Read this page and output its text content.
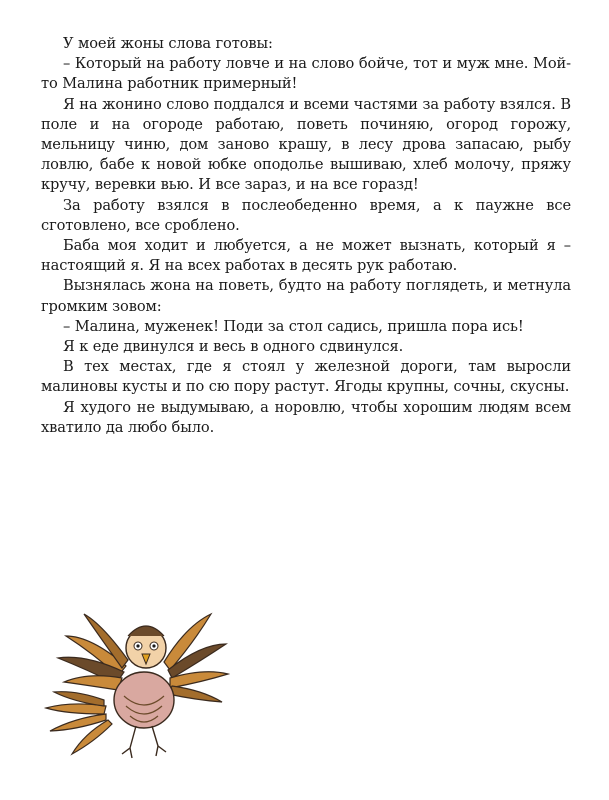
У моей жоны слова готовы:

– Который на работу ловче и на слово бойче, тот и муж мне. Мой-то Малина работник примерный!

Я на жонино слово поддался и всеми частями за работу взялся. В поле и на огороде работаю, поветь починяю, огород горожу, мельницу чиню, дом заново крашу, в лесу дрова запасаю, рыбу ловлю, бабе к новой юбке оподолье вышиваю, хлеб молочу, пряжу кручу, веревки вью. И все зараз, и на все горазд!

За работу взялся в послеобеденно время, а к паужне все сготовлено, все сроблено.

Баба моя ходит и любуется, а не может вызнать, который я – настоящий я. Я на всех работах в десять рук работаю.

Вызнялась жона на поветь, будто на работу поглядеть, и метнула громким зовом:

– Малина, муженек! Поди за стол садись, пришла пора ись!

Я к еде двинулся и весь в одного сдвинулся.

В тех местах, где я стоял у железной дороги, там выросли малиновы кусты и по сю пору растут. Ягоды крупны, сочны, скусны.

Я худого не выдумываю, а норовлю, чтобы хорошим людям всем хватило да любо было.
